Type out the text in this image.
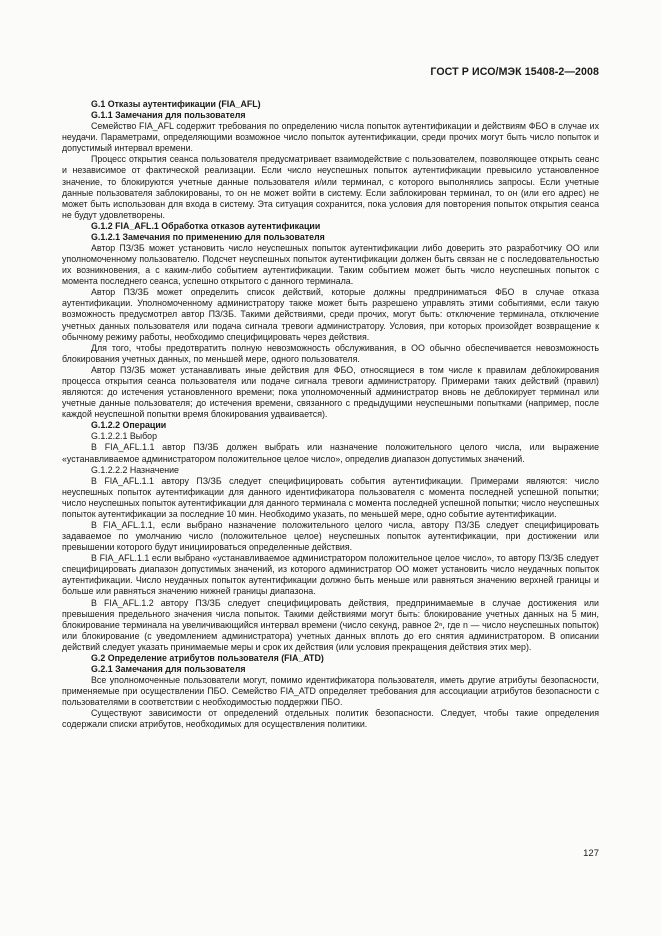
ГОСТ Р ИСО/МЭК 15408-2—2008

G.1 Отказы аутентификации (FIA_AFL)

G.1.1 Замечания для пользователя

Семейство FIA_AFL содержит требования по определению числа попыток аутентификации и действиям ФБО в случае их неудачи. Параметрами, определяющими возможное число попыток аутентификации, среди прочих могут быть число попыток и допустимый интервал времени.

Процесс открытия сеанса пользователя предусматривает взаимодействие с пользователем, позволяющее открыть сеанс и независимое от фактической реализации. Если число неуспешных попыток аутентификации превысило установленное значение, то блокируются учетные данные пользователя и/или терминал, с которого выполнялись запросы. Если учетные данные пользователя заблокированы, то он не может войти в систему. Если заблокирован терминал, то он (или его адрес) не может быть использован для входа в систему. Эта ситуация сохранится, пока условия для повторения попыток открытия сеанса не будут удовлетворены.

G.1.2 FIA_AFL.1 Обработка отказов аутентификации

G.1.2.1 Замечания по применению для пользователя

Автор ПЗ/ЗБ может установить число неуспешных попыток аутентификации либо доверить это разработчику ОО или уполномоченному пользователю. Подсчет неуспешных попыток аутентификации должен быть связан не с последовательностью их возникновения, а с каким-либо событием аутентификации. Таким событием может быть число неуспешных попыток с момента последнего сеанса, успешно открытого с данного терминала.

Автор ПЗ/ЗБ может определить список действий, которые должны предприниматься ФБО в случае отказа аутентификации. Уполномоченному администратору также может быть разрешено управлять этими событиями, если такую возможность предусмотрел автор ПЗ/ЗБ. Такими действиями, среди прочих, могут быть: отключение терминала, отключение учетных данных пользователя или подача сигнала тревоги администратору. Условия, при которых произойдет возвращение к обычному режиму работы, необходимо специфицировать через действия.

Для того, чтобы предотвратить полную невозможность обслуживания, в ОО обычно обеспечивается невозможность блокирования учетных данных, по меньшей мере, одного пользователя.

Автор ПЗ/ЗБ может устанавливать иные действия для ФБО, относящиеся в том числе к правилам деблокирования процесса открытия сеанса пользователя или подаче сигнала тревоги администратору. Примерами таких действий (правил) являются: до истечения установленного времени; пока уполномоченный администратор вновь не деблокирует терминал или учетные данные пользователя; до истечения времени, связанного с предыдущими неуспешными попытками (например, после каждой неуспешной попытки время блокирования удваивается).

G.1.2.2 Операции

G.1.2.2.1 Выбор

В FIA_AFL.1.1 автор ПЗ/ЗБ должен выбрать или назначение положительного целого числа, или выражение «устанавливаемое администратором положительное целое число», определив диапазон допустимых значений.

G.1.2.2.2 Назначение

В FIA_AFL.1.1 автору ПЗ/ЗБ следует специфицировать события аутентификации. Примерами являются: число неуспешных попыток аутентификации для данного идентификатора пользователя с момента последней успешной попытки; число неуспешных попыток аутентификации для данного терминала с момента последней успешной попытки; число неуспешных попыток аутентификации за последние 10 мин. Необходимо указать, по меньшей мере, одно событие аутентификации.

В FIA_AFL.1.1, если выбрано назначение положительного целого числа, автору ПЗ/ЗБ следует специфицировать задаваемое по умолчанию число (положительное целое) неуспешных попыток аутентификации, при достижении или превышении которого будут инициироваться определенные действия.

В FIA_AFL.1.1 если выбрано «устанавливаемое администратором положительное целое число», то автору ПЗ/ЗБ следует специфицировать диапазон допустимых значений, из которого администратор ОО может установить число неудачных попыток аутентификации. Число неудачных попыток аутентификации должно быть меньше или равняться значению верхней границы и больше или равняться значению нижней границы диапазона.

В FIA_AFL.1.2 автору ПЗ/ЗБ следует специфицировать действия, предпринимаемые в случае достижения или превышения предельного значения числа попыток. Такими действиями могут быть: блокирование учетных данных на 5 мин, блокирование терминала на увеличивающийся интервал времени (число секунд, равное 2ⁿ, где n — число неуспешных попыток) или блокирование (с уведомлением администратора) учетных данных вплоть до его снятия администратором. В описании действий следует указать принимаемые меры и срок их действия (или условия прекращения действия этих мер).

G.2 Определение атрибутов пользователя (FIA_ATD)

G.2.1 Замечания для пользователя

Все уполномоченные пользователи могут, помимо идентификатора пользователя, иметь другие атрибуты безопасности, применяемые при осуществлении ПБО. Семейство FIA_ATD определяет требования для ассоциации атрибутов безопасности с пользователями в соответствии с необходимостью поддержки ПБО.

Существуют зависимости от определений отдельных политик безопасности. Следует, чтобы такие определения содержали списки атрибутов, необходимых для осуществления политики.

127
